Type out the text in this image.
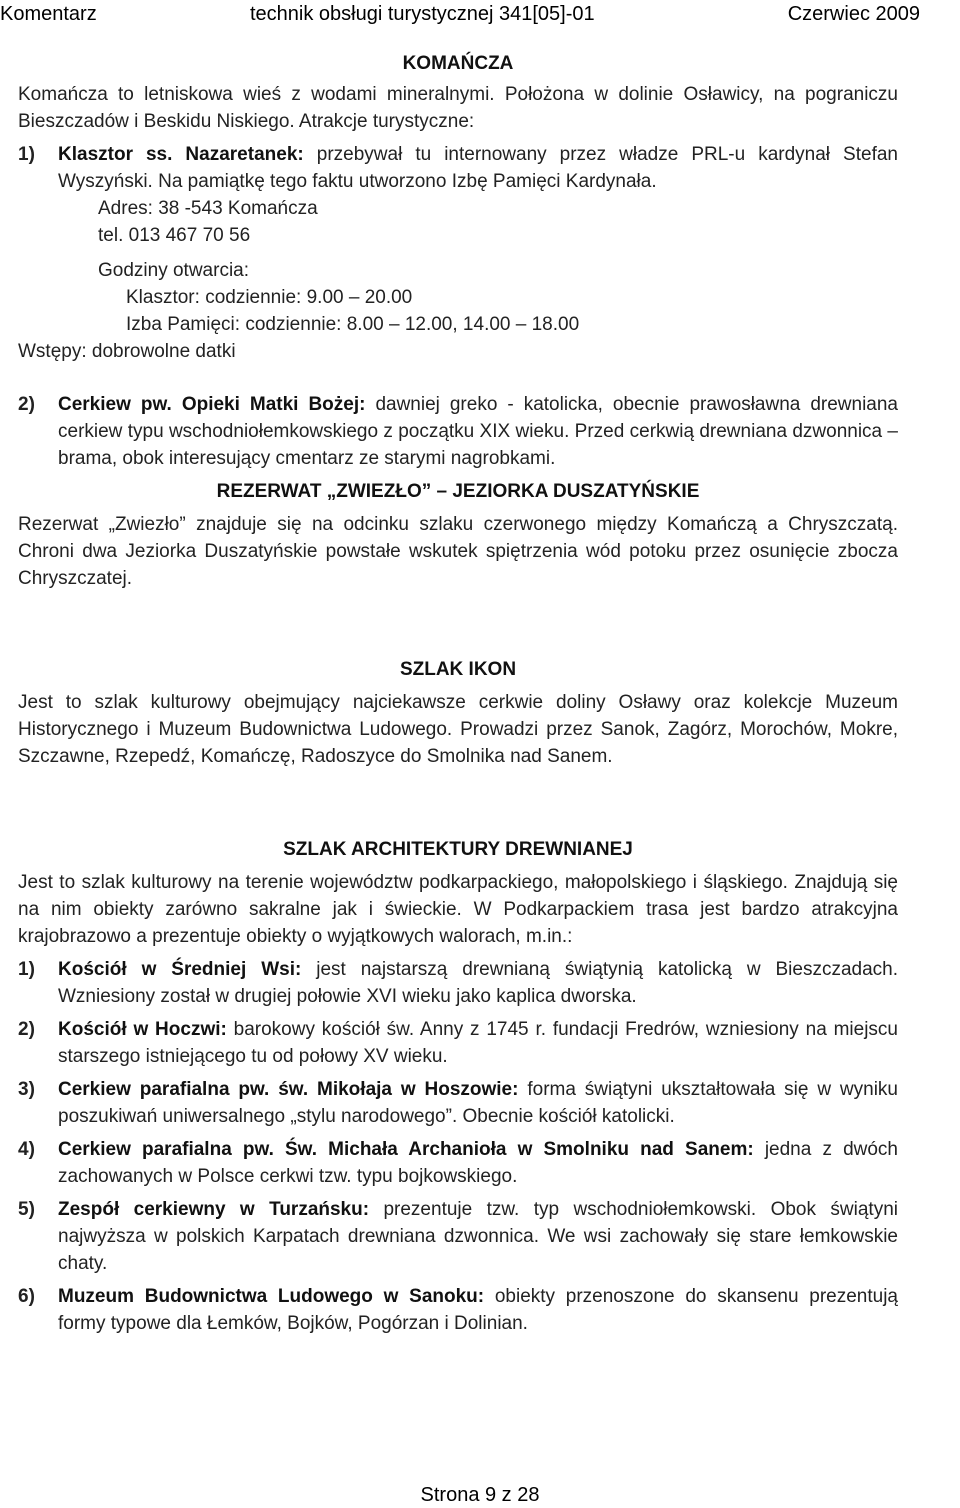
Komentarz	technik obsługi turystycznej 341[05]-01	Czerwiec 2009
KOMAŃCZA

Komańcza to letniskowa wieś z wodami mineralnymi. Położona w dolinie Osławicy, na pograniczu Bieszczadów i Beskidu Niskiego. Atrakcje turystyczne:

1) Klasztor ss. Nazaretanek: przebywał tu internowany przez władze PRL-u kardynał Stefan Wyszyński. Na pamiątkę tego faktu utworzono Izbę Pamięci Kardynała.

Adres: 38 -543 Komańcza

tel. 013 467 70 56

Godziny otwarcia:

Klasztor: codziennie: 9.00 – 20.00

Izba Pamięci: codziennie: 8.00 – 12.00, 14.00 – 18.00

Wstępy: dobrowolne datki

2) Cerkiew pw. Opieki Matki Bożej: dawniej greko - katolicka, obecnie prawosławna drewniana cerkiew typu wschodniołemkowskiego z początku XIX wieku. Przed cerkwią drewniana dzwonnica – brama, obok interesujący cmentarz ze starymi nagrobkami.
REZERWAT „ZWIEZŁO” – JEZIORKA DUSZATYŃSKIE

Rezerwat „Zwiezło” znajduje się na odcinku szlaku czerwonego między Komańczą a Chryszczatą. Chroni dwa Jeziorka Duszatyńskie powstałe wskutek spiętrzenia wód potoku przez osunięcie zbocza Chryszczatej.

SZLAK IKON

Jest to szlak kulturowy obejmujący najciekawsze cerkwie doliny Osławy oraz kolekcje Muzeum Historycznego i Muzeum Budownictwa Ludowego. Prowadzi przez Sanok, Zagórz, Morochów, Mokre, Szczawne, Rzepedź, Komańczę, Radoszyce do Smolnika nad Sanem.

SZLAK ARCHITEKTURY DREWNIANEJ

Jest to szlak kulturowy na terenie województw podkarpackiego, małopolskiego i śląskiego. Znajdują się na nim obiekty zarówno sakralne jak i świeckie. W Podkarpackiem trasa jest bardzo atrakcyjna krajobrazowo a prezentuje obiekty o wyjątkowych walorach, m.in.:

1) Kościół w Średniej Wsi: jest najstarszą drewnianą świątynią katolicką w Bieszczadach. Wzniesiony został w drugiej połowie XVI wieku jako kaplica dworska.
2) Kościół w Hoczwi: barokowy kościół św. Anny z 1745 r. fundacji Fredrów, wzniesiony na miejscu starszego istniejącego tu od połowy XV wieku.
3) Cerkiew parafialna pw. św. Mikołaja w Hoszowie: forma świątyni ukształtowała się w wyniku poszukiwań uniwersalnego „stylu narodowego”. Obecnie kościół katolicki.
4) Cerkiew parafialna pw. Św. Michała Archanioła w Smolniku nad Sanem: jedna z dwóch zachowanych w Polsce cerkwi tzw. typu bojkowskiego.
5) Zespół cerkiewny w Turzańsku: prezentuje tzw. typ wschodniołemkowski. Obok świątyni najwyższa w polskich Karpatach drewniana dzwonnica. We wsi zachowały się stare łemkowskie chaty.
6) Muzeum Budownictwa Ludowego w Sanoku: obiekty przenoszone do skansenu prezentują formy typowe dla Łemków, Bojków, Pogórzan i Dolinian.
Strona 9 z 28
